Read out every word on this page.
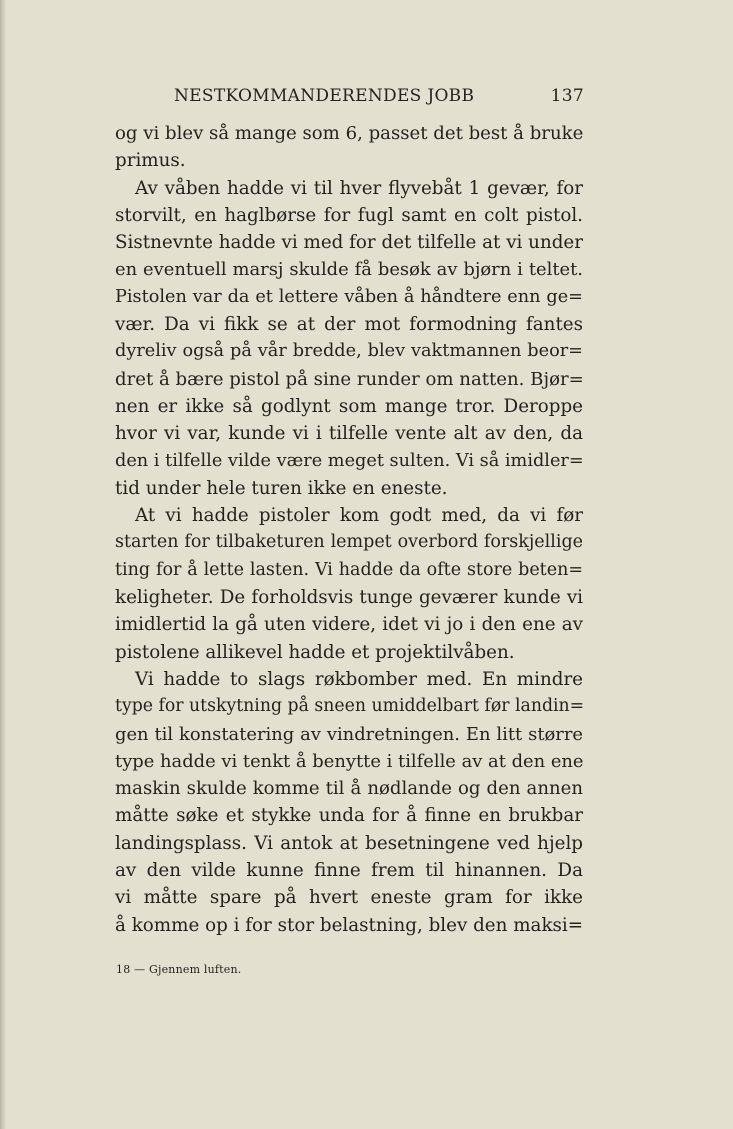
NESTKOMMANDERENDES JOBB	137
og vi blev så mange som 6, passet det best å bruke
primus.
Av våben hadde vi til hver flyvebåt 1 gevær, for
storvilt, en haglbørse for fugl samt en colt pistol.
Sistnevnte hadde vi med for det tilfelle at vi under
en eventuell marsj skulde få besøk av bjørn i teltet.
Pistolen var da et lettere våben å håndtere enn ge=
vær. Da vi fikk se at der mot formodning fantes
dyreliv også på vår bredde, blev vaktmannen beor=
dret å bære pistol på sine runder om natten. Bjør=
nen er ikke så godlynt som mange tror. Deroppe
hvor vi var, kunde vi i tilfelle vente alt av den, da
den i tilfelle vilde være meget sulten. Vi så imidler=
tid under hele turen ikke en eneste.
At vi hadde pistoler kom godt med, da vi før
starten for tilbaketuren lempet overbord forskjellige
ting for å lette lasten. Vi hadde da ofte store beten=
keligheter. De forholdsvis tunge geværer kunde vi
imidlertid la gå uten videre, idet vi jo i den ene av
pistolene allikevel hadde et projektilvåben.
Vi hadde to slags røkbomber med. En mindre
type for utskytning på sneen umiddelbart før landin=
gen til konstatering av vindretningen. En litt større
type hadde vi tenkt å benytte i tilfelle av at den ene
maskin skulde komme til å nødlande og den annen
måtte søke et stykke unda for å finne en brukbar
landingsplass. Vi antok at besetningene ved hjelp
av den vilde kunne finne frem til hinannen. Da
vi måtte spare på hvert eneste gram for ikke
å komme op i for stor belastning, blev den maksi=
18 — Gjennem luften.
